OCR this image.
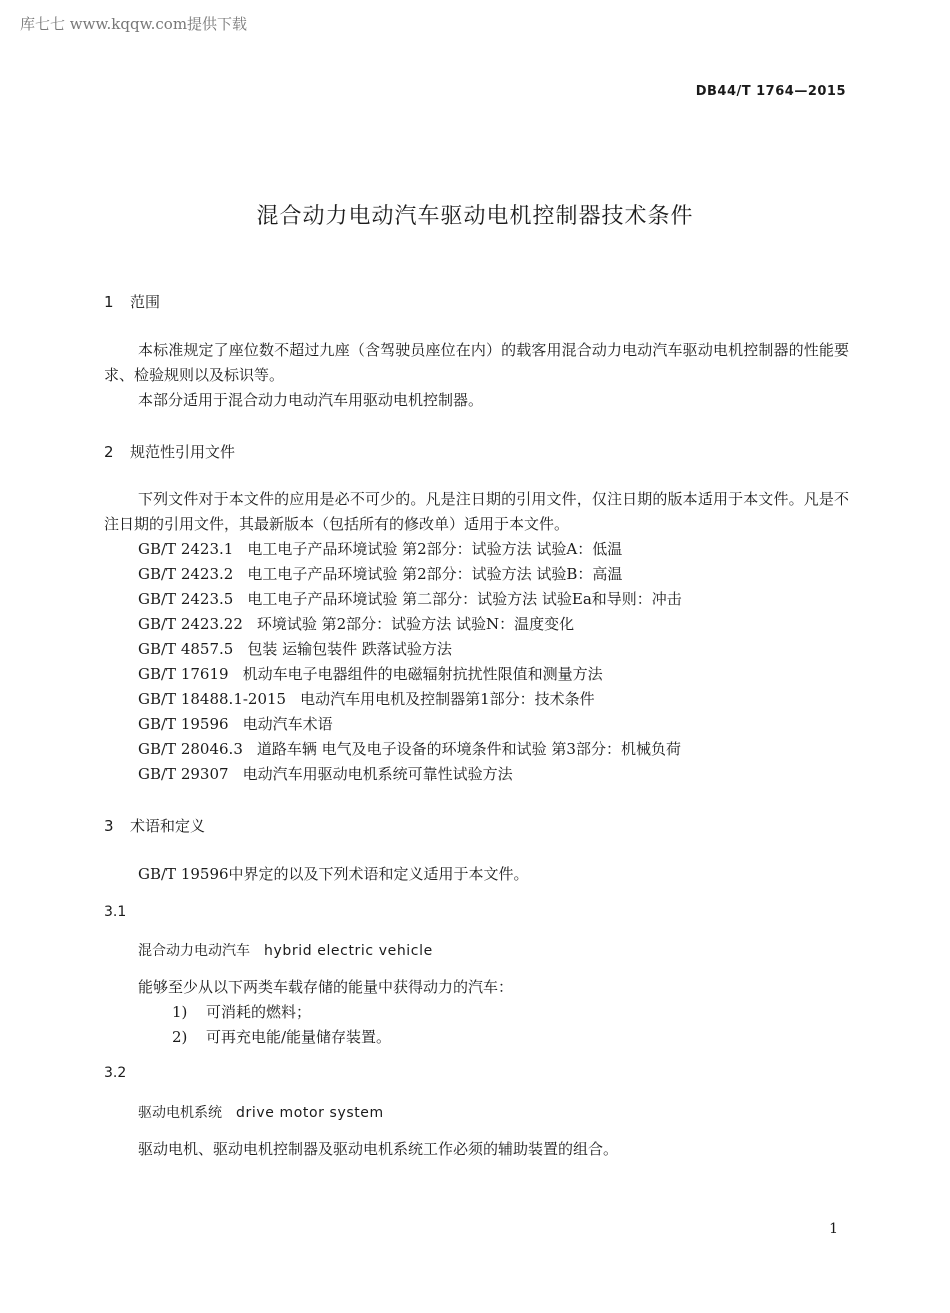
库七七 www.kqqw.com提供下载
DB44/T 1764—2015
混合动力电动汽车驱动电机控制器技术条件
1 范围

本标准规定了座位数不超过九座（含驾驶员座位在内）的载客用混合动力电动汽车驱动电机控制器的性能要求、检验规则以及标识等。

本部分适用于混合动力电动汽车用驱动电机控制器。

2 规范性引用文件

下列文件对于本文件的应用是必不可少的。凡是注日期的引用文件，仅注日期的版本适用于本文件。凡是不注日期的引用文件，其最新版本（包括所有的修改单）适用于本文件。

GB/T 2423.1 电工电子产品环境试验 第2部分：试验方法 试验A：低温
GB/T 2423.2 电工电子产品环境试验 第2部分：试验方法 试验B：高温
GB/T 2423.5 电工电子产品环境试验 第二部分：试验方法 试验Ea和导则：冲击
GB/T 2423.22 环境试验 第2部分：试验方法 试验N：温度变化
GB/T 4857.5 包装 运输包装件 跌落试验方法
GB/T 17619 机动车电子电器组件的电磁辐射抗扰性限值和测量方法
GB/T 18488.1-2015 电动汽车用电机及控制器第1部分：技术条件
GB/T 19596 电动汽车术语
GB/T 28046.3 道路车辆 电气及电子设备的环境条件和试验 第3部分：机械负荷
GB/T 29307 电动汽车用驱动电机系统可靠性试验方法
3 术语和定义
GB/T 19596中界定的以及下列术语和定义适用于本文件。
3.1
混合动力电动汽车 hybrid electric vehicle
能够至少从以下两类车载存储的能量中获得动力的汽车：
1) 可消耗的燃料；
2) 可再充电能/能量储存装置。
3.2
驱动电机系统 drive motor system
驱动电机、驱动电机控制器及驱动电机系统工作必须的辅助装置的组合。
1
